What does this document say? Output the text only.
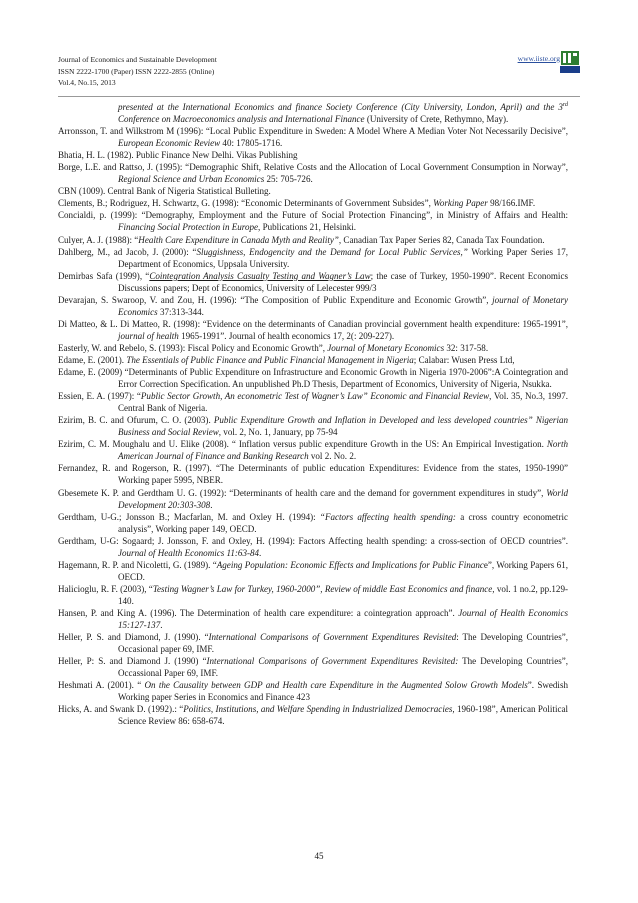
Journal of Economics and Sustainable Development
ISSN 2222-1700 (Paper) ISSN 2222-2855 (Online)
Vol.4, No.15, 2013
www.iiste.org

presented at the International Economics and finance Society Conference (City University, London, April) and the 3rd Conference on Macroeconomics analysis and International Finance (University of Crete, Rethymno, May).

Arronsson, T. and Wilkstrom M (1996): “Local Public Expenditure in Sweden: A Model Where A Median Voter Not Necessarily Decisive”, European Economic Review 40: 17805-1716.

Bhatia, H. L. (1982). Public Finance New Delhi. Vikas Publishing

Borge, L.E. and Rattso, J. (1995): “Demographic Shift, Relative Costs and the Allocation of Local Government Consumption in Norway”, Regional Science and Urban Economics 25: 705-726.

CBN (1009). Central Bank of Nigeria Statistical Bulleting.

Clements, B.; Rodriguez, H. Schwartz, G. (1998): “Economic Determinants of Government Subsides”, Working Paper 98/166.IMF.

Concialdi, p. (1999): “Demography, Employment and the Future of Social Protection Financing”, in Ministry of Affairs and Health: Financing Social Protection in Europe, Publications 21, Helsinki.

Culyer, A. J. (1988): “Health Care Expenditure in Canada Myth and Reality”, Canadian Tax Paper Series 82, Canada Tax Foundation.

Dahlberg, M., ad Jacob, J. (2000): “Sluggishness, Endogencity and the Demand for Local Public Services,” Working Paper Series 17, Department of Economics, Uppsala University.

Demirbas Safa (1999), “Cointegration Analysis Casualty Testing and Wagner’s Law; the case of Turkey, 1950-1990”. Recent Economics Discussions papers; Dept of Economics, University of Lelecester 999/3

Devarajan, S. Swaroop, V. and Zou, H. (1996): “The Composition of Public Expenditure and Economic Growth”, journal of Monetary Economics 37:313-344.

Di Matteo, & L. Di Matteo, R. (1998): “Evidence on the determinants of Canadian provincial government health expenditure: 1965-1991”, journal of health 1965-1991”. Journal of health economics 17, 2(: 209-227).

Easterly, W. and Rebelo, S. (1993): Fiscal Policy and Economic Growth”, Journal of Monetary Economics 32: 317-58.

Edame, E. (2001). The Essentials of Public Finance and Public Financial Management in Nigeria; Calabar: Wusen Press Ltd,

Edame, E. (2009) “Determinants of Public Expenditure on Infrastructure and Economic Growth in Nigeria 1970-2006”:A Cointegration and Error Correction Specification. An unpublished Ph.D Thesis, Department of Economics, University of Nigeria, Nsukka.

Essien, E. A. (1997): “Public Sector Growth, An econometric Test of Wagner’s Law” Economic and Financial Review, Vol. 35, No.3, 1997. Central Bank of Nigeria.

Ezirim, B. C. and Ofurum, C. O. (2003). Public Expenditure Growth and Inflation in Developed and less developed countries” Nigerian Business and Social Review, vol. 2, No. 1, January, pp 75-94

Ezirim, C. M. Moughalu and U. Elike (2008). “ Inflation versus public expenditure Growth in the US: An Empirical Investigation. North American Journal of Finance and Banking Research vol 2. No. 2.

Fernandez, R. and Rogerson, R. (1997). “The Determinants of public education Expenditures: Evidence from the states, 1950-1990” Working paper 5995, NBER.

Gbesemete K. P. and Gerdtham U. G. (1992): “Determinants of health care and the demand for government expenditures in study”, World Development 20:303-308.

Gerdtham, U-G.; Jonsson B.; Macfarlan, M. and Oxley H. (1994): “Factors affecting health spending: a cross country econometric analysis”, Working paper 149, OECD.

Gerdtham, U-G: Sogaard; J. Jonsson, F. and Oxley, H. (1994): Factors Affecting health spending: a cross-section of OECD countries”. Journal of Health Economics 11:63-84.

Hagemann, R. P. and Nicoletti, G. (1989). “Ageing Population: Economic Effects and Implications for Public Finance”, Working Papers 61, OECD.

Halicioglu, R. F. (2003), “Testing Wagner’s Law for Turkey, 1960-2000”, Review of middle East Economics and finance, vol. 1 no.2, pp.129-140.

Hansen, P. and King A. (1996). The Determination of health care expenditure: a cointegration approach”. Journal of Health Economics 15:127-137.

Heller, P. S. and Diamond, J. (1990). “International Comparisons of Government Expenditures Revisited: The Developing Countries”, Occasional paper 69, IMF.

Heller, P: S. and Diamond J. (1990) “International Comparisons of Government Expenditures Revisited: The Developing Countries”, Occassional Paper 69, IMF.

Heshmati A. (2001). “ On the Causality between GDP and Health care Expenditure in the Augmented Solow Growth Models”. Swedish Working paper Series in Economics and Finance 423

Hicks, A. and Swank D. (1992).: “Politics, Institutions, and Welfare Spending in Industrialized Democracies, 1960-198”, American Political Science Review 86: 658-674.

45
